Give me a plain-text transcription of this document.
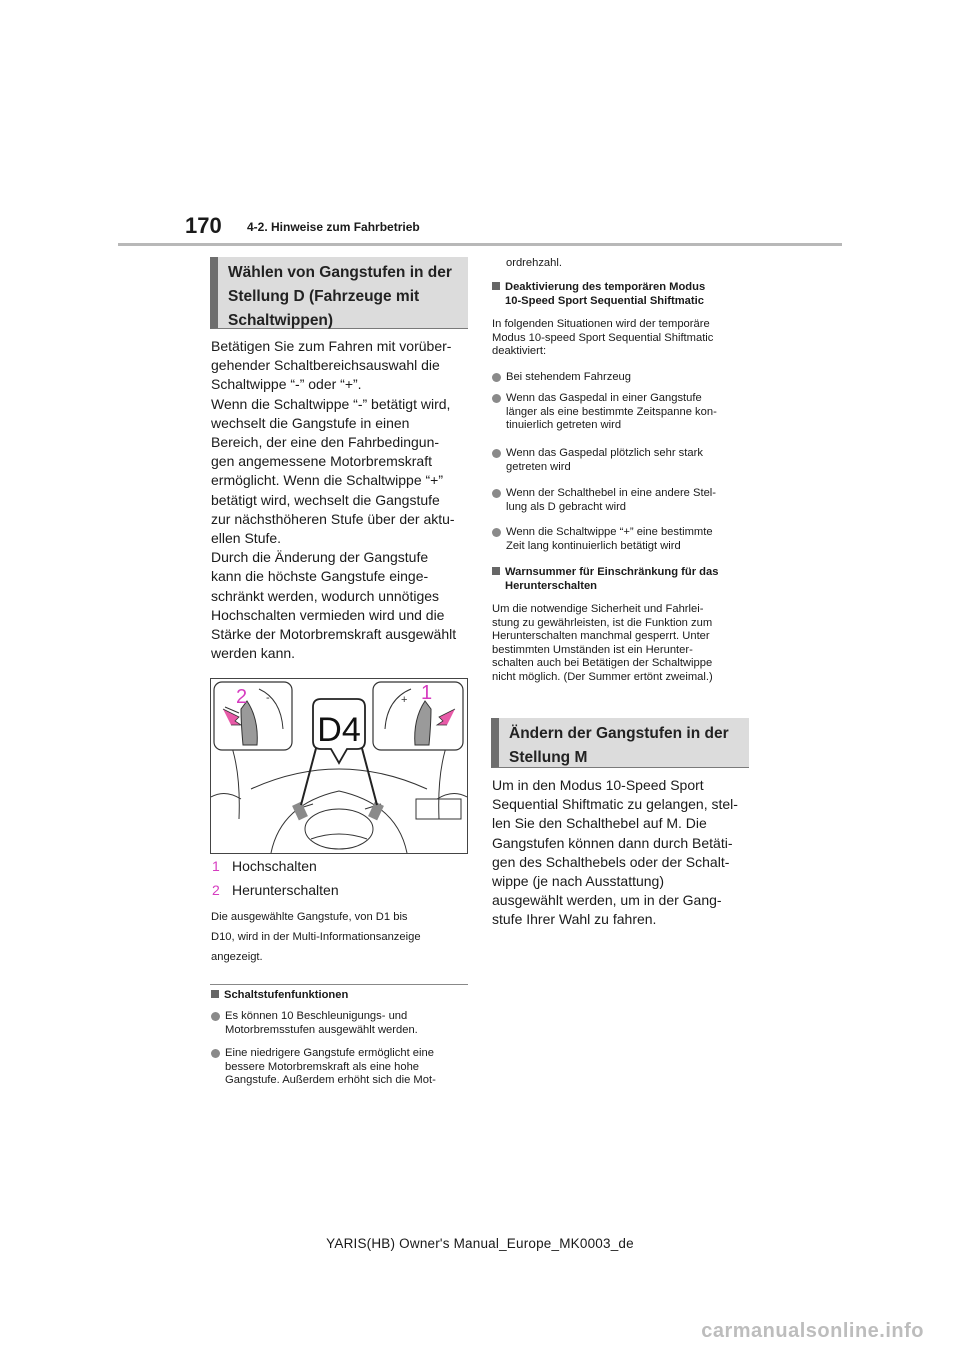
170 4-2. Hinweise zum Fahrbetrieb
Wählen von Gangstufen in der Stellung D (Fahrzeuge mit Schaltwippen)

Betätigen Sie zum Fahren mit vorüber-
gehender Schaltbereichsauswahl die
Schaltwippe “-” oder “+”.
Wenn die Schaltwippe “-” betätigt wird,
wechselt die Gangstufe in einen
Bereich, der eine den Fahrbedingun-
gen angemessene Motorbremskraft
ermöglicht. Wenn die Schaltwippe “+”
betätigt wird, wechselt die Gangstufe
zur nächsthöheren Stufe über der aktu-
ellen Stufe.
Durch die Änderung der Gangstufe
kann die höchste Gangstufe einge-
schränkt werden, wodurch unnötiges
Hochschalten vermieden wird und die
Stärke der Motorbremskraft ausgewählt
werden kann.

-
2	+ 1
D4
1 Hochschalten
2 Herunterschalten

Die ausgewählte Gangstufe, von D1 bis
D10, wird in der Multi-Informationsanzeige
angezeigt.

Schaltstufenfunktionen
Es können 10 Beschleunigungs- und
Motorbremsstufen ausgewählt werden.
Eine niedrigere Gangstufe ermöglicht eine
bessere Motorbremskraft als eine hohe
Gangstufe. Außerdem erhöht sich die Mot-
ordrehzahl.
Deaktivierung des temporären Modus
10-Speed Sport Sequential Shiftmatic

In folgenden Situationen wird der temporäre
Modus 10-speed Sport Sequential Shiftmatic
deaktiviert:

Bei stehendem Fahrzeug
Wenn das Gaspedal in einer Gangstufe
länger als eine bestimmte Zeitspanne kon-
tinuierlich getreten wird
Wenn das Gaspedal plötzlich sehr stark
getreten wird
Wenn der Schalthebel in eine andere Stel-
lung als D gebracht wird
Wenn die Schaltwippe “+” eine bestimmte
Zeit lang kontinuierlich betätigt wird
Warnsummer für Einschränkung für das
Herunterschalten

Um die notwendige Sicherheit und Fahrlei-
stung zu gewährleisten, ist die Funktion zum
Herunterschalten manchmal gesperrt. Unter
bestimmten Umständen ist ein Herunter-
schalten auch bei Betätigen der Schaltwippe
nicht möglich. (Der Summer ertönt zweimal.)

Ändern der Gangstufen in der Stellung M

Um in den Modus 10-Speed Sport
Sequential Shiftmatic zu gelangen, stel-
len Sie den Schalthebel auf M. Die
Gangstufen können dann durch Betäti-
gen des Schalthebels oder der Schalt-
wippe (je nach Ausstattung)
ausgewählt werden, um in der Gang-
stufe Ihrer Wahl zu fahren.

YARIS(HB) Owner's Manual_Europe_MK0003_de
carmanualsonline.info
